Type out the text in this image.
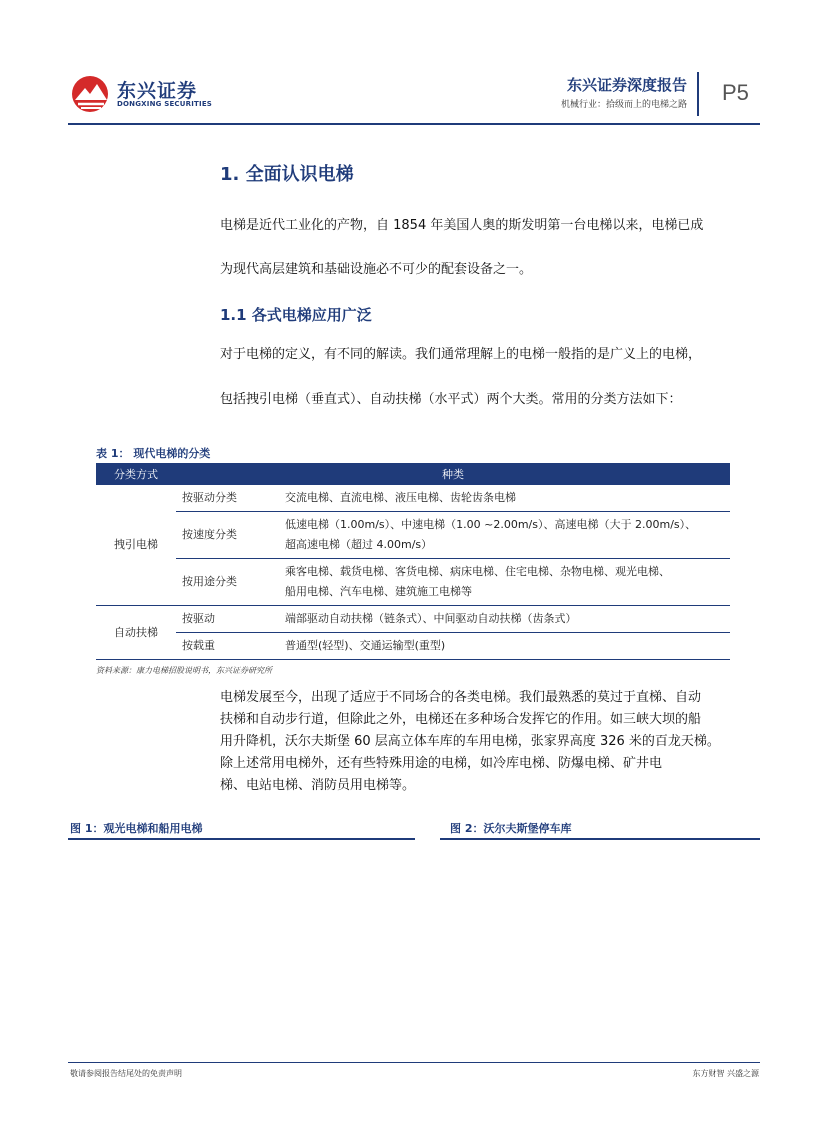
东兴证券
DONGXING SECURITIES
东兴证券深度报告
机械行业：拾级而上的电梯之路 P5
1. 全面认识电梯
电梯是近代工业化的产物，自 1854 年美国人奥的斯发明第一台电梯以来，电梯已成
为现代高层建筑和基础设施必不可少的配套设备之一。
1.1 各式电梯应用广泛
对于电梯的定义，有不同的解读。我们通常理解上的电梯一般指的是广义上的电梯，
包括拽引电梯（垂直式）、自动扶梯（水平式）两个大类。常用的分类方法如下：
表 1： 现代电梯的分类
分类方式	种类	
拽引电梯	按驱动分类	交流电梯、直流电梯、液压电梯、齿轮齿条电梯
	按速度分类	低速电梯（1.00m/s）、中速电梯（1.00 ~2.00m/s）、高速电梯（大于 2.00m/s）、
超高速电梯（超过 4.00m/s）
	按用途分类	乘客电梯、载货电梯、客货电梯、病床电梯、住宅电梯、杂物电梯、观光电梯、
船用电梯、汽车电梯、建筑施工电梯等
自动扶梯	按驱动	端部驱动自动扶梯（链条式）、中间驱动自动扶梯（齿条式）
	按载重	普通型(轻型)、交通运输型(重型)
资料来源：康力电梯招股说明书，东兴证券研究所
电梯发展至今，出现了适应于不同场合的各类电梯。我们最熟悉的莫过于直梯、自动
扶梯和自动步行道，但除此之外，电梯还在多种场合发挥它的作用。如三峡大坝的船
用升降机，沃尔夫斯堡 60 层高立体车库的车用电梯，张家界高度 326 米的百龙天梯。
除上述常用电梯外，还有些特殊用途的电梯，如冷库电梯、防爆电梯、矿井电
梯、电站电梯、消防员用电梯等。
图 1：观光电梯和船用电梯	图 2：沃尔夫斯堡停车库
敬请参阅报告结尾处的免责声明	东方财智 兴盛之源
